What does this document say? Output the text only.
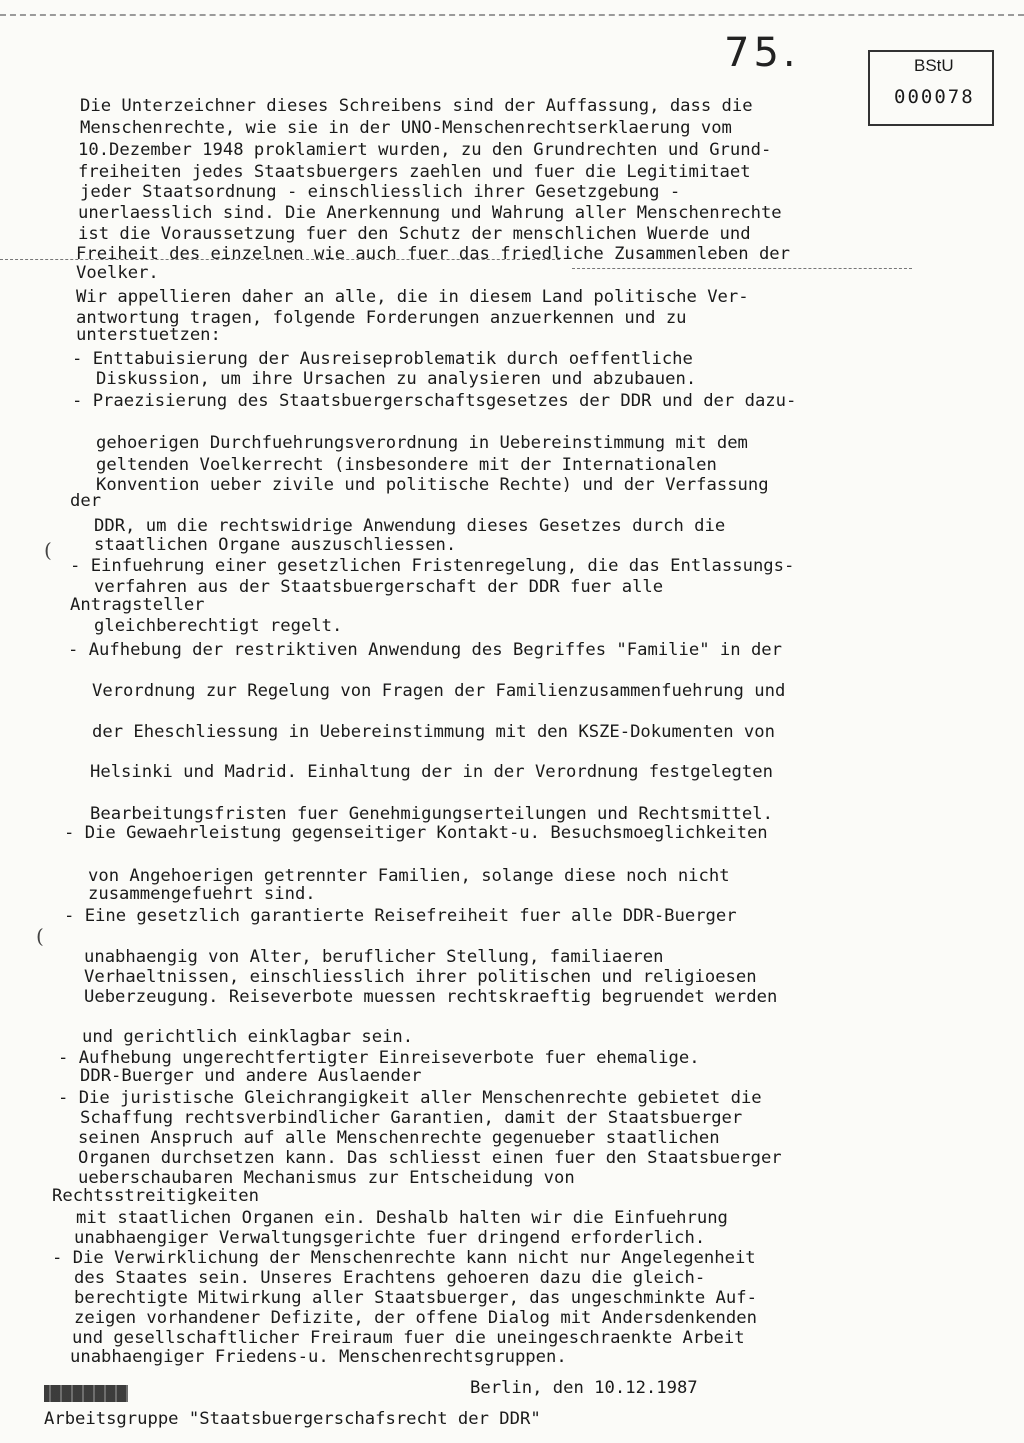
75.	BStU
000078
(
(
Die Unterzeichner dieses Schreibens sind der Auffassung, dass die
Menschenrechte, wie sie in der UNO-Menschenrechtserklaerung vom
10.Dezember 1948 proklamiert wurden, zu den Grundrechten und Grund-
freiheiten jedes Staatsbuergers zaehlen und fuer die Legitimitaet
jeder Staatsordnung - einschliesslich ihrer Gesetzgebung -
unerlaesslich sind. Die Anerkennung und Wahrung aller Menschenrechte
ist die Voraussetzung fuer den Schutz der menschlichen Wuerde und
Freiheit des einzelnen wie auch fuer das friedliche Zusammenleben der
Voelker.
Wir appellieren daher an alle, die in diesem Land politische Ver-
antwortung tragen, folgende Forderungen anzuerkennen und zu
unterstuetzen:
- Enttabuisierung der Ausreiseproblematik durch oeffentliche
Diskussion, um ihre Ursachen zu analysieren und abzubauen.
- Praezisierung des Staatsbuergerschaftsgesetzes der DDR und der dazu-
gehoerigen Durchfuehrungsverordnung in Uebereinstimmung mit dem
geltenden Voelkerrecht (insbesondere mit der Internationalen
Konvention ueber zivile und politische Rechte) und der Verfassung
der
DDR, um die rechtswidrige Anwendung dieses Gesetzes durch die
staatlichen Organe auszuschliessen.
- Einfuehrung einer gesetzlichen Fristenregelung, die das Entlassungs-
verfahren aus der Staatsbuergerschaft der DDR fuer alle
Antragsteller
gleichberechtigt regelt.
- Aufhebung der restriktiven Anwendung des Begriffes "Familie" in der
Verordnung zur Regelung von Fragen der Familienzusammenfuehrung und
der Eheschliessung in Uebereinstimmung mit den KSZE-Dokumenten von
Helsinki und Madrid. Einhaltung der in der Verordnung festgelegten
Bearbeitungsfristen fuer Genehmigungserteilungen und Rechtsmittel.
- Die Gewaehrleistung gegenseitiger Kontakt-u. Besuchsmoeglichkeiten
von Angehoerigen getrennter Familien, solange diese noch nicht
zusammengefuehrt sind.
- Eine gesetzlich garantierte Reisefreiheit fuer alle DDR-Buerger
unabhaengig von Alter, beruflicher Stellung, familiaeren
Verhaeltnissen, einschliesslich ihrer politischen und religioesen
Ueberzeugung. Reiseverbote muessen rechtskraeftig begruendet werden
und gerichtlich einklagbar sein.
- Aufhebung ungerechtfertigter Einreiseverbote fuer ehemalige.
DDR-Buerger und andere Auslaender
- Die juristische Gleichrangigkeit aller Menschenrechte gebietet die
Schaffung rechtsverbindlicher Garantien, damit der Staatsbuerger
seinen Anspruch auf alle Menschenrechte gegenueber staatlichen
Organen durchsetzen kann. Das schliesst einen fuer den Staatsbuerger
ueberschaubaren Mechanismus zur Entscheidung von
Rechtsstreitigkeiten
mit staatlichen Organen ein. Deshalb halten wir die Einfuehrung
unabhaengiger Verwaltungsgerichte fuer dringend erforderlich.
- Die Verwirklichung der Menschenrechte kann nicht nur Angelegenheit
des Staates sein. Unseres Erachtens gehoeren dazu die gleich-
berechtigte Mitwirkung aller Staatsbuerger, das ungeschminkte Auf-
zeigen vorhandener Defizite, der offene Dialog mit Andersdenkenden
und gesellschaftlicher Freiraum fuer die uneingeschraenkte Arbeit
unabhaengiger Friedens-u. Menschenrechtsgruppen.
Berlin, den 10.12.1987
Arbeitsgruppe "Staatsbuergerschafsrecht der DDR"
